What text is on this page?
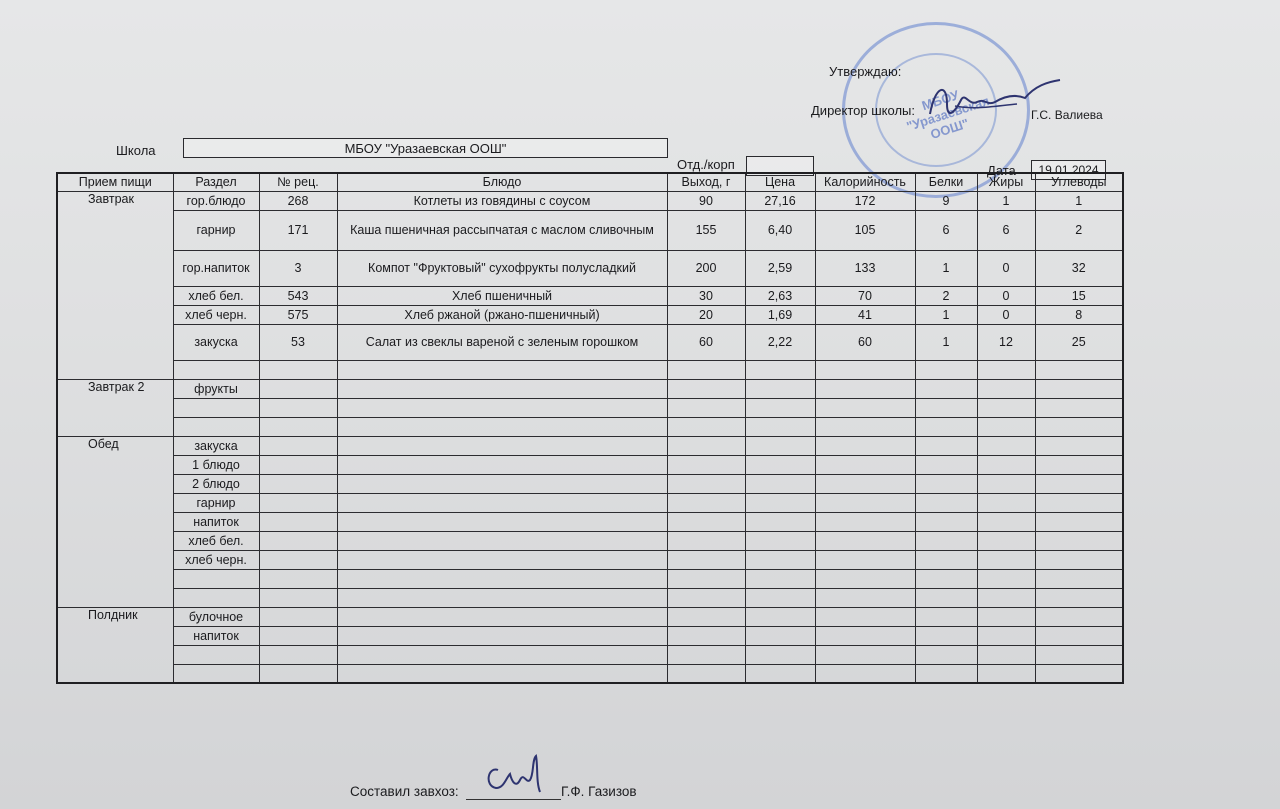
МБОУ "Уразаевская ООШ"
Утверждаю:
Директор школы:	Г.С. Валиева
Школа	МБОУ "Уразаевская ООШ"
Отд./корп	Дата	19.01.2024
Прием пищи	Раздел	№ рец.	Блюдо	Выход, г	Цена	Калорийность	Белки	Жиры	Углеводы
Завтрак	гор.блюдо	268	Котлеты из говядины с соусом	90	27,16	172	9	1	1
	гарнир	171	Каша пшеничная рассыпчатая с маслом сливочным	155	6,40	105	6	6	2
	гор.напиток	3	Компот "Фруктовый" сухофрукты полусладкий	200	2,59	133	1	0	32
	хлеб бел.	543	Хлеб пшеничный	30	2,63	70	2	0	15
	хлеб черн.	575	Хлеб ржаной (ржано-пшеничный)	20	1,69	41	1	0	8
	закуска	53	Салат из свеклы вареной с зеленым горошком	60	2,22	60	1	12	25

Завтрак 2	фрукты								

Обед	закуска								
	1 блюдо								
	2 блюдо								
	гарнир								
	напиток								
	хлеб бел.								
	хлеб черн.								

Полдник	булочное								
	напиток								

Составил завхоз:	Г.Ф. Газизов
